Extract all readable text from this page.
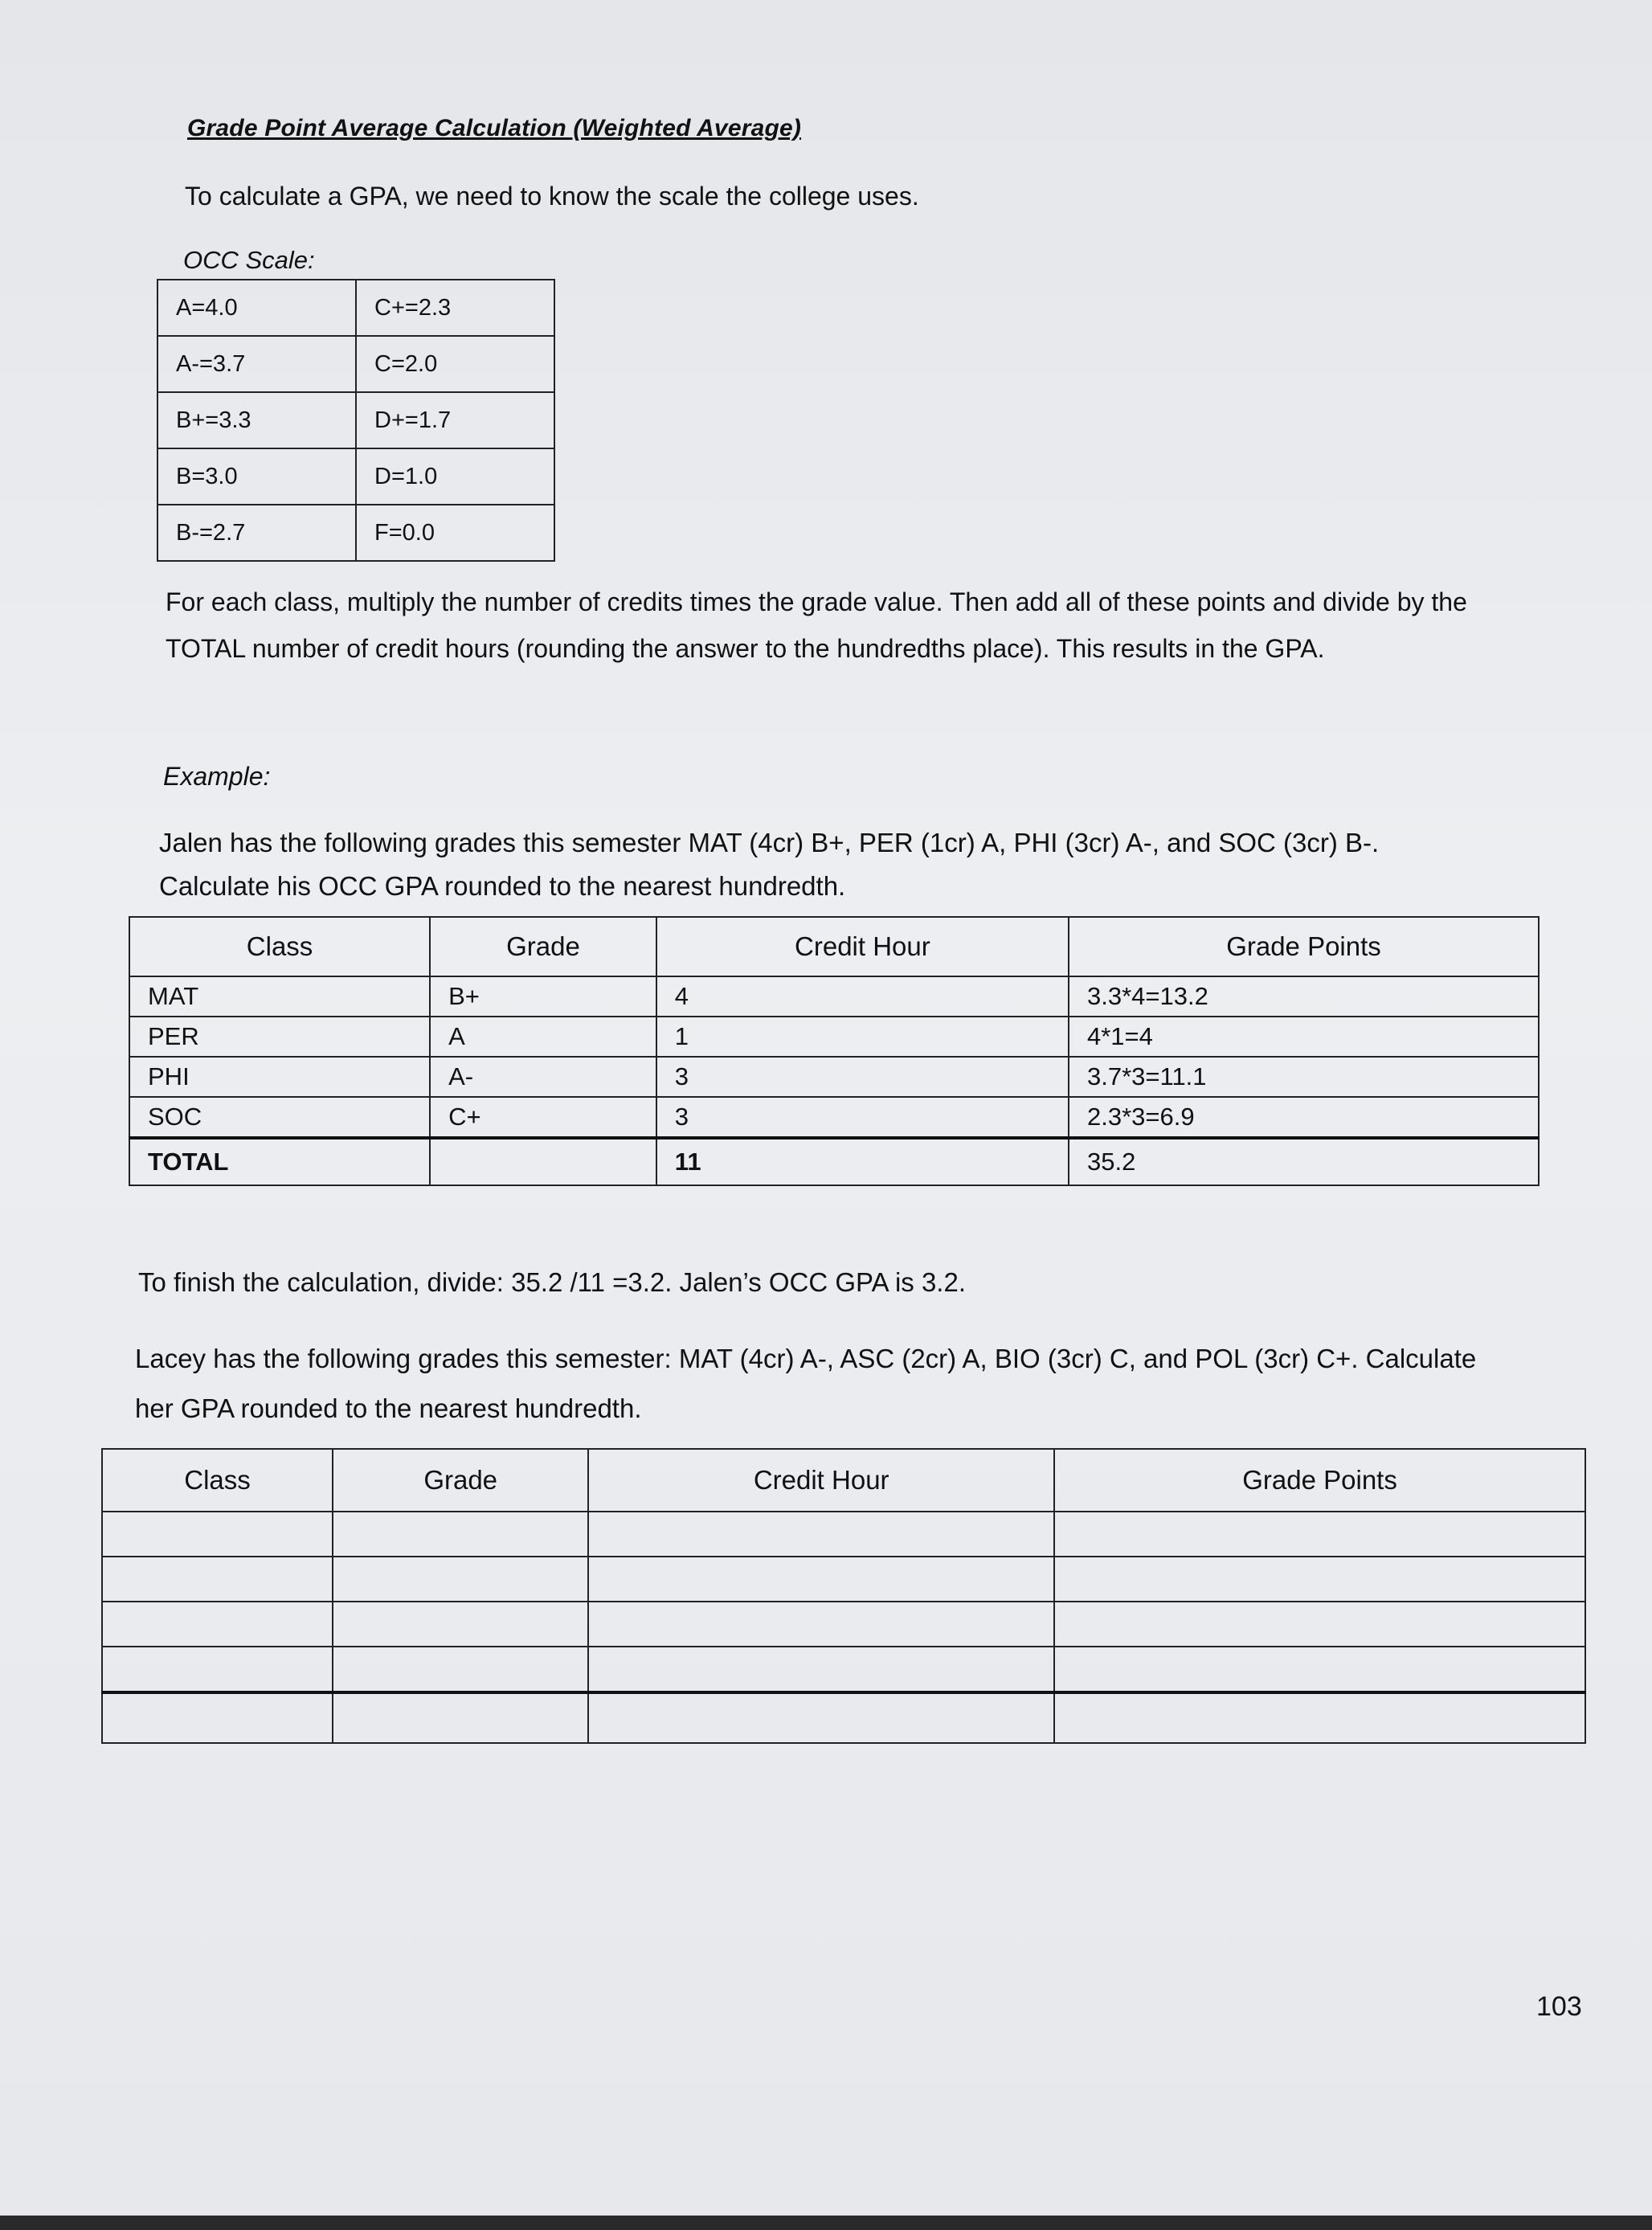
Grade Point Average Calculation (Weighted Average)
To calculate a GPA, we need to know the scale the college uses.
OCC Scale:
A=4.0	C+=2.3
A-=3.7	C=2.0
B+=3.3	D+=1.7
B=3.0	D=1.0
B-=2.7	F=0.0
For each class, multiply the number of credits times the grade value. Then add all of these points and divide by the TOTAL number of credit hours (rounding the answer to the hundredths place). This results in the GPA.
Example:
Jalen has the following grades this semester MAT (4cr) B+, PER (1cr) A, PHI (3cr) A-, and SOC (3cr) B-. Calculate his OCC GPA rounded to the nearest hundredth.
Class	Grade	Credit Hour	Grade Points
MAT	B+	4	3.3*4=13.2
PER	A	1	4*1=4
PHI	A-	3	3.7*3=11.1
SOC	C+	3	2.3*3=6.9
TOTAL		11	35.2
To finish the calculation, divide: 35.2 /11 =3.2. Jalen’s OCC GPA is 3.2.
Lacey has the following grades this semester: MAT (4cr) A-, ASC (2cr) A, BIO (3cr) C, and POL (3cr) C+. Calculate her GPA rounded to the nearest hundredth.
Class	Grade	Credit Hour	Grade Points

103
